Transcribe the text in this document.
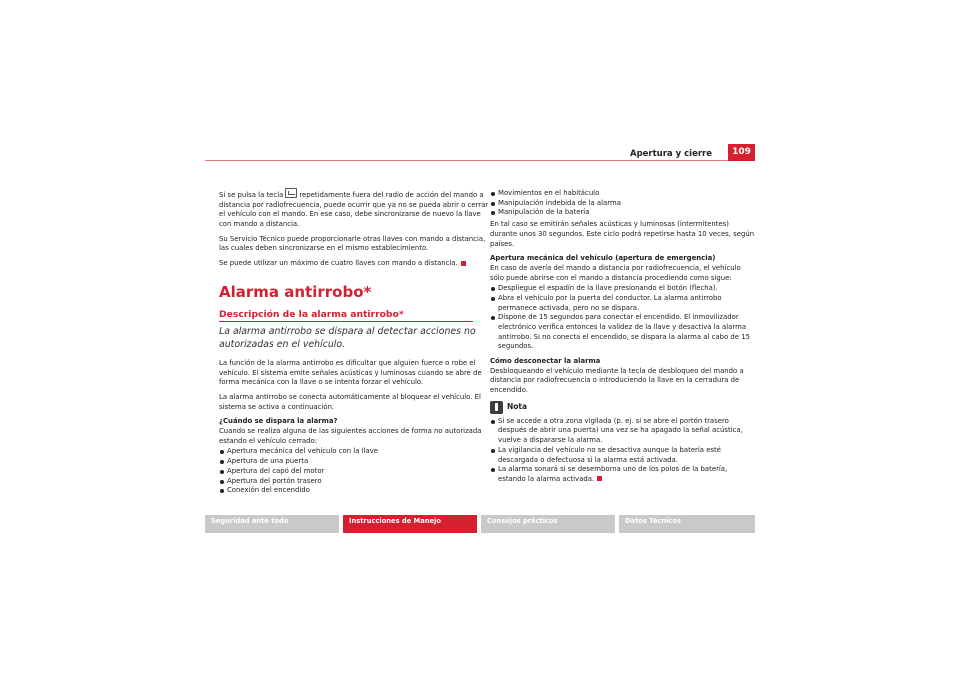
Apertura y cierre	109

Si se pulsa la tecla repetidamente fuera del radio de acción del mando a distancia por radiofrecuencia, puede ocurrir que ya no se pueda abrir o cerrar el vehículo con el mando. En ese caso, debe sincronizarse de nuevo la llave con mando a distancia.

Su Servicio Técnico puede proporcionarle otras llaves con mando a distancia, las cuales deben sincronizarse en el mismo establecimiento.

Se puede utilizar un máximo de cuatro llaves con mando a distancia.

Alarma antirrobo*
Descripción de la alarma antirrobo*

La alarma antirrobo se dispara al detectar acciones no autorizadas en el vehículo.

La función de la alarma antirrobo es dificultar que alguien fuerce o robe el vehículo. El sistema emite señales acústicas y luminosas cuando se abre de forma mecánica con la llave o se intenta forzar el vehículo.

La alarma antirrobo se conecta automáticamente al bloquear el vehículo. El sistema se activa a continuación.

¿Cuándo se dispara la alarma?

Cuando se realiza alguna de las siguientes acciones de forma no autorizada estando el vehículo cerrado:

Apertura mecánica del vehículo con la llave
Apertura de una puerta
Apertura del capó del motor
Apertura del portón trasero
Conexión del encendido
Movimientos en el habitáculo
Manipulación indebida de la alarma
Manipulación de la batería

En tal caso se emitirán señales acústicas y luminosas (intermitentes) durante unos 30 segundos. Este ciclo podrá repetirse hasta 10 veces, según países.

Apertura mecánica del vehículo (apertura de emergencia)

En caso de avería del mando a distancia por radiofrecuencia, el vehículo sólo puede abrirse con el mando a distancia procediendo como sigue:

Despliegue el espadín de la llave presionando el botón (flecha).
Abra el vehículo por la puerta del conductor. La alarma antirrobo permanece activada, pero no se dispara.
Dispone de 15 segundos para conectar el encendido. El inmovilizador electrónico verifica entonces la validez de la llave y desactiva la alarma antirrobo. Si no conecta el encendido, se dispara la alarma al cabo de 15 segundos.
Cómo desconectar la alarma

Desbloqueando el vehículo mediante la tecla de desbloqueo del mando a distancia por radiofrecuencia o introduciendo la llave en la cerradura de encendido.

Nota
Si se accede a otra zona vigilada (p. ej. si se abre el portón trasero después de abrir una puerta) una vez se ha apagado la señal acústica, vuelve a dispararse la alarma.
La vigilancia del vehículo no se desactiva aunque la batería esté descargada o defectuosa si la alarma está activada.
La alarma sonará si se desemborna uno de los polos de la batería, estando la alarma activada.
Seguridad ante todo	Instrucciones de Manejo	Consejos prácticos	Datos Técnicos
